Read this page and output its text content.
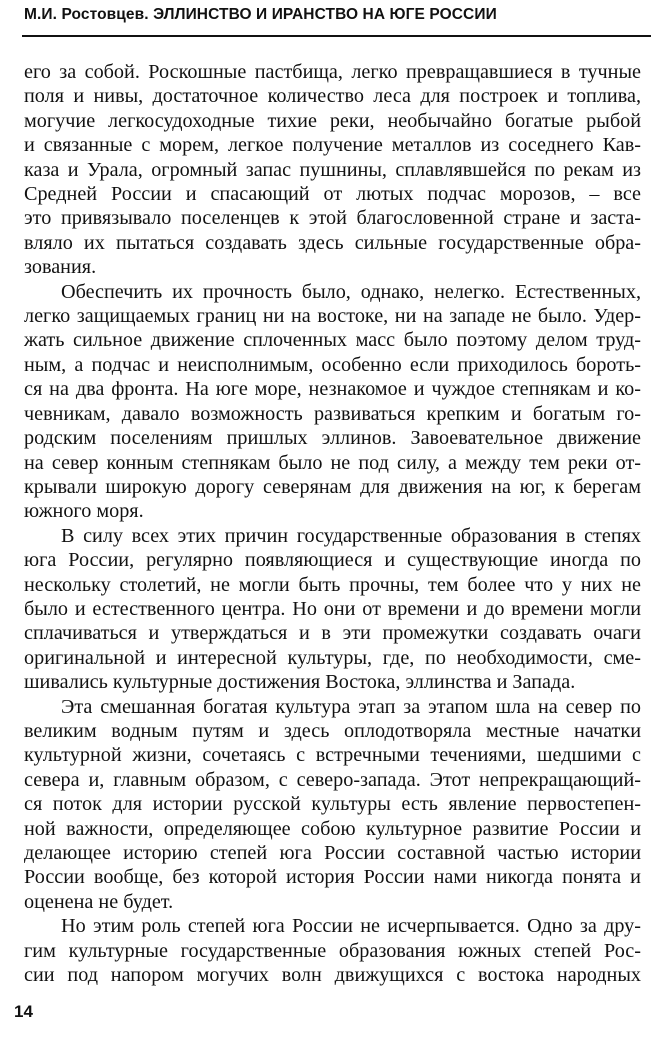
М.И. Ростовцев. ЭЛЛИНСТВО И ИРАНСТВО НА ЮГЕ РОССИИ
его за собой. Роскошные пастбища, легко превращавшиеся в тучные
поля и нивы, достаточное количество леса для построек и топлива,
могучие легкосудоходные тихие реки, необычайно богатые рыбой
и связанные с морем, легкое получение металлов из соседнего Кав-
каза и Урала, огромный запас пушнины, сплавлявшейся по рекам из
Средней России и спасающий от лютых подчас морозов, – все
это привязывало поселенцев к этой благословенной стране и заста-
вляло их пытаться создавать здесь сильные государственные обра-
зования.
Обеспечить их прочность было, однако, нелегко. Естественных,
легко защищаемых границ ни на востоке, ни на западе не было. Удер-
жать сильное движение сплоченных масс было поэтому делом труд-
ным, а подчас и неисполнимым, особенно если приходилось бороть-
ся на два фронта. На юге море, незнакомое и чуждое степнякам и ко-
чевникам, давало возможность развиваться крепким и богатым го-
родским поселениям пришлых эллинов. Завоевательное движение
на север конным степнякам было не под силу, а между тем реки от-
крывали широкую дорогу северянам для движения на юг, к берегам
южного моря.
В силу всех этих причин государственные образования в степях
юга России, регулярно появляющиеся и существующие иногда по
нескольку столетий, не могли быть прочны, тем более что у них не
было и естественного центра. Но они от времени и до времени могли
сплачиваться и утверждаться и в эти промежутки создавать очаги
оригинальной и интересной культуры, где, по необходимости, сме-
шивались культурные достижения Востока, эллинства и Запада.
Эта смешанная богатая культура этап за этапом шла на север по
великим водным путям и здесь оплодотворяла местные начатки
культурной жизни, сочетаясь с встречными течениями, шедшими с
севера и, главным образом, с северо-запада. Этот непрекращающий-
ся поток для истории русской культуры есть явление первостепен-
ной важности, определяющее собою культурное развитие России и
делающее историю степей юга России составной частью истории
России вообще, без которой история России нами никогда понята и
оценена не будет.
Но этим роль степей юга России не исчерпывается. Одно за дру-
гим культурные государственные образования южных степей Рос-
сии под напором могучих волн движущихся с востока народных
14
